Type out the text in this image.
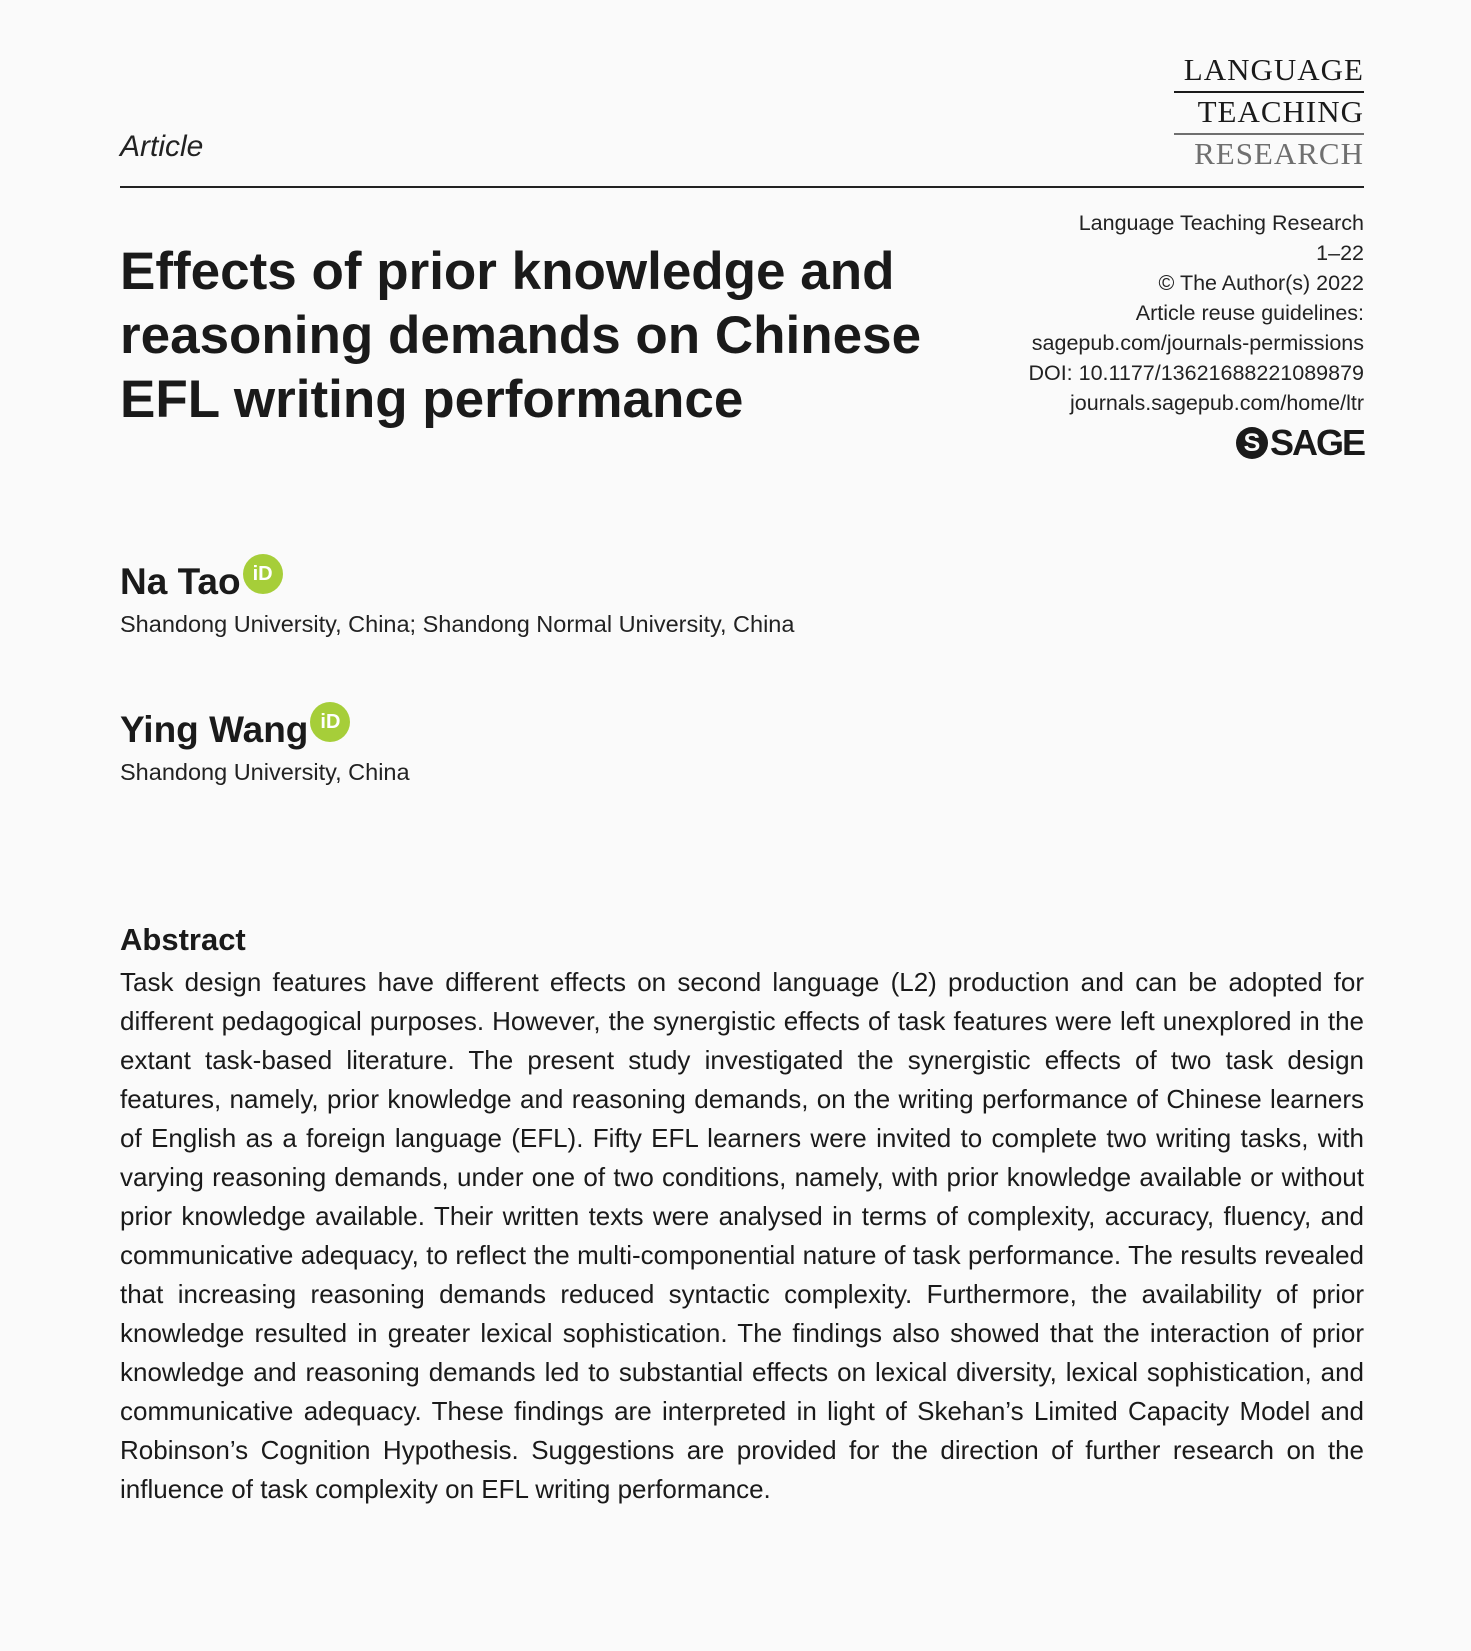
Article
LANGUAGE
TEACHING
RESEARCH
Effects of prior knowledge and reasoning demands on Chinese EFL writing performance
Language Teaching Research
1–22
© The Author(s) 2022
Article reuse guidelines:
sagepub.com/journals-permissions
DOI: 10.1177/13621688221089879
journals.sagepub.com/home/ltr
S SAGE
Na Tao iD
Shandong University, China; Shandong Normal University, China
Ying Wang iD
Shandong University, China
Abstract

Task design features have different effects on second language (L2) production and can be adopted for different pedagogical purposes. However, the synergistic effects of task features were left unexplored in the extant task-based literature. The present study investigated the synergistic effects of two task design features, namely, prior knowledge and reasoning demands, on the writing performance of Chinese learners of English as a foreign language (EFL). Fifty EFL learners were invited to complete two writing tasks, with varying reasoning demands, under one of two conditions, namely, with prior knowledge available or without prior knowledge available. Their written texts were analysed in terms of complexity, accuracy, fluency, and communicative adequacy, to reflect the multi-componential nature of task performance. The results revealed that increasing reasoning demands reduced syntactic complexity. Furthermore, the availability of prior knowledge resulted in greater lexical sophistication. The findings also showed that the interaction of prior knowledge and reasoning demands led to substantial effects on lexical diversity, lexical sophistication, and communicative adequacy. These findings are interpreted in light of Skehan’s Limited Capacity Model and Robinson’s Cognition Hypothesis. Suggestions are provided for the direction of further research on the influence of task complexity on EFL writing performance.
